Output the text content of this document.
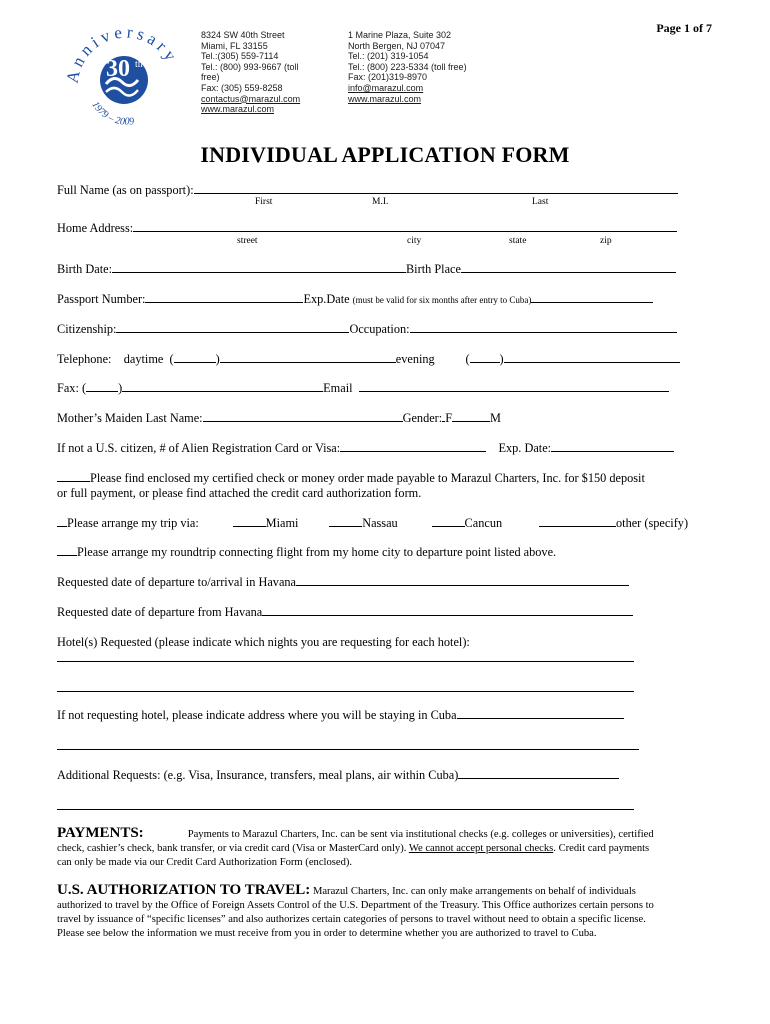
Anniversary
30 th
1979 – 2009
8324 SW 40th Street
Miami, FL 33155
Tel.:(305) 559-7114
Tel.: (800) 993-9667 (toll
free)
Fax: (305) 559-8258
contactus@marazul.com
www.marazul.com
1 Marine Plaza, Suite 302
North Bergen, NJ 07047
Tel.: (201) 319-1054
Tel.: (800) 223-5334 (toll free)
Fax: (201)319-8970
info@marazul.com
www.marazul.com
Page 1 of 7
INDIVIDUAL APPLICATION FORM
Full Name (as on passport):
First	M.I.	Last
Home Address:
street	city	state	zip
Birth Date:	Birth Place
Passport Number:	Exp.Date (must be valid for six months after entry to Cuba)
Citizenship:	Occupation:
Telephone: daytime (	)	evening	( )
Fax: (	)	Email
Mother’s Maiden Last Name:	Gender: F	M
If not a U.S. citizen, # of Alien Registration Card or Visa:	Exp. Date:
Please find enclosed my certified check or money order made payable to Marazul Charters, Inc. for $150 deposit
or full payment, or please find attached the credit card authorization form.
Please arrange my trip via:	Miami	Nassau	Cancun	other (specify)
Please arrange my roundtrip connecting flight from my home city to departure point listed above.
Requested date of departure to/arrival in Havana
Requested date of departure from Havana
Hotel(s) Requested (please indicate which nights you are requesting for each hotel):
If not requesting hotel, please indicate address where you will be staying in Cuba
Additional Requests: (e.g. Visa, Insurance, transfers, meal plans, air within Cuba)
PAYMENTS:	Payments to Marazul Charters, Inc. can be sent via institutional checks (e.g. colleges or universities), certified
check, cashier’s check, bank transfer, or via credit card (Visa or MasterCard only). We cannot accept personal checks. Credit card payments
can only be made via our Credit Card Authorization Form (enclosed).
U.S. AUTHORIZATION TO TRAVEL: Marazul Charters, Inc. can only make arrangements on behalf of individuals
authorized to travel by the Office of Foreign Assets Control of the U.S. Department of the Treasury. This Office authorizes certain persons to
travel by issuance of “specific licenses” and also authorizes certain categories of persons to travel without need to obtain a specific license.
Please see below the information we must receive from you in order to determine whether you are authorized to travel to Cuba.
